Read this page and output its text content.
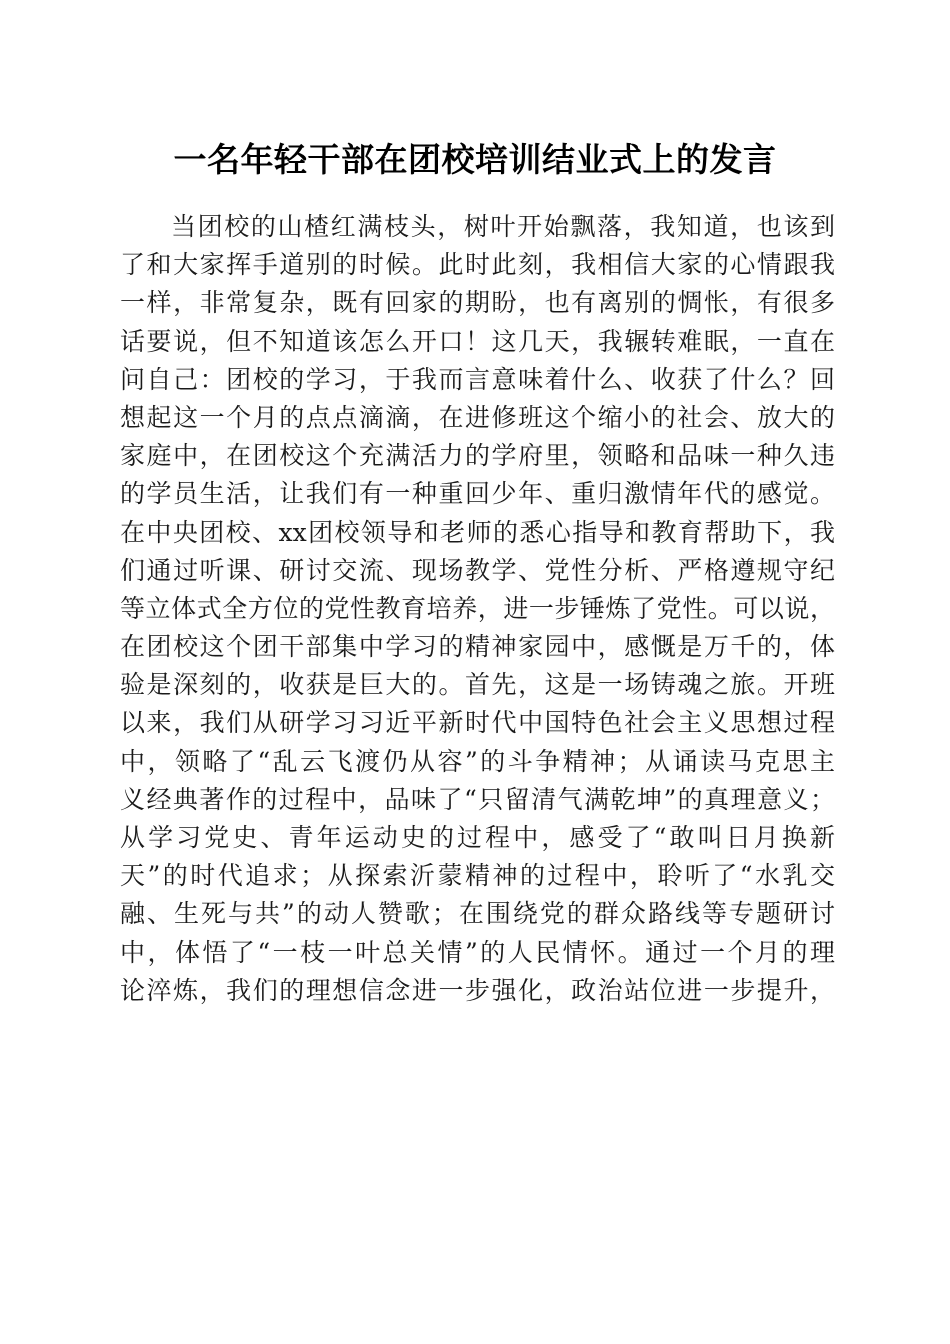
一名年轻干部在团校培训结业式上的发言
当团校的山楂红满枝头，树叶开始飘落，我知道，也该到
了和大家挥手道别的时候。此时此刻，我相信大家的心情跟我
一样，非常复杂，既有回家的期盼，也有离别的惆怅，有很多
话要说，但不知道该怎么开口！这几天，我辗转难眠，一直在
问自己：团校的学习，于我而言意味着什么、收获了什么？回
想起这一个月的点点滴滴，在进修班这个缩小的社会、放大的
家庭中，在团校这个充满活力的学府里，领略和品味一种久违
的学员生活，让我们有一种重回少年、重归激情年代的感觉。
在中央团校、xx团校领导和老师的悉心指导和教育帮助下，我
们通过听课、研讨交流、现场教学、党性分析、严格遵规守纪
等立体式全方位的党性教育培养，进一步锤炼了党性。可以说，
在团校这个团干部集中学习的精神家园中，感慨是万千的，体
验是深刻的，收获是巨大的。首先，这是一场铸魂之旅。开班
以来，我们从研学习习近平新时代中国特色社会主义思想过程
中，领略了“乱云飞渡仍从容”的斗争精神；从诵读马克思主
义经典著作的过程中，品味了“只留清气满乾坤”的真理意义；
从学习党史、青年运动史的过程中，感受了“敢叫日月换新
天”的时代追求；从探索沂蒙精神的过程中，聆听了“水乳交
融、生死与共”的动人赞歌；在围绕党的群众路线等专题研讨
中，体悟了“一枝一叶总关情”的人民情怀。通过一个月的理
论淬炼，我们的理想信念进一步强化，政治站位进一步提升，
